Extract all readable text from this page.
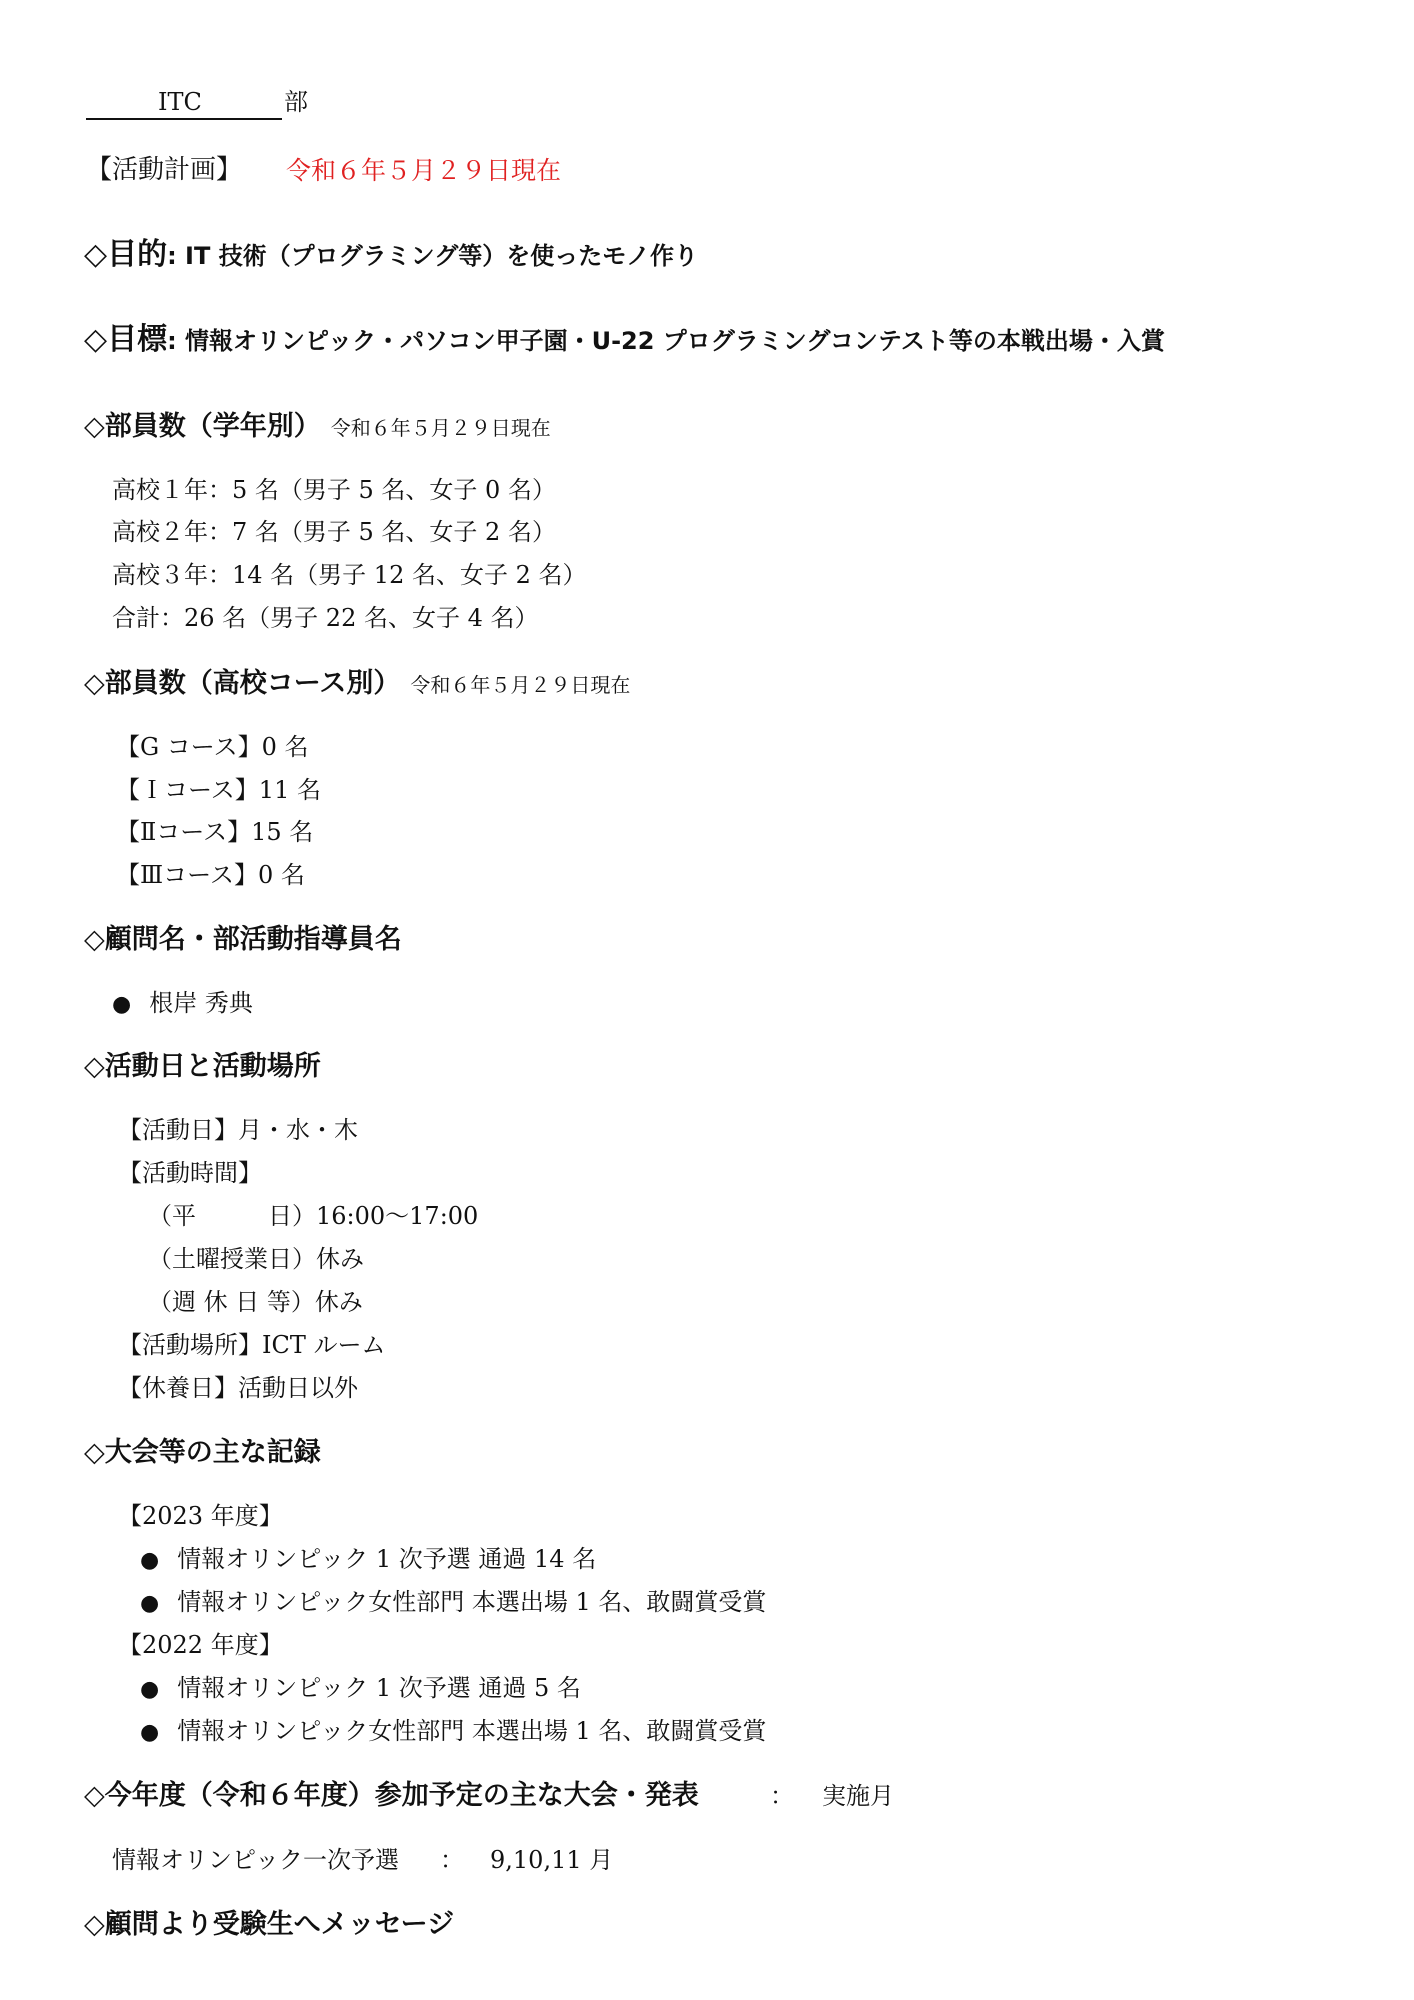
ITC	部
【活動計画】 令和６年５月２９日現在
◇目的: IT 技術（プログラミング等）を使ったモノ作り
◇目標: 情報オリンピック・パソコン甲子園・U-22 プログラミングコンテスト等の本戦出場・入賞
◇部員数（学年別） 令和６年５月２９日現在
高校１年：5 名（男子 5 名、女子 0 名）
高校２年：7 名（男子 5 名、女子 2 名）
高校３年：14 名（男子 12 名、女子 2 名）
合計：26 名（男子 22 名、女子 4 名）
◇部員数（高校コース別） 令和６年５月２９日現在
【G コース】0 名
【Ｉコース】11 名
【Ⅱコース】15 名
【Ⅲコース】0 名
◇顧問名・部活動指導員名
● 根岸 秀典
◇活動日と活動場所
【活動日】月・水・木
【活動時間】
（平　　　日）16:00～17:00
（土曜授業日）休み
（週 休 日 等）休み
【活動場所】ICT ルーム
【休養日】活動日以外
◇大会等の主な記録
【2023 年度】
● 情報オリンピック 1 次予選 通過 14 名
● 情報オリンピック女性部門 本選出場 1 名、敢闘賞受賞
【2022 年度】
● 情報オリンピック 1 次予選 通過 5 名
● 情報オリンピック女性部門 本選出場 1 名、敢闘賞受賞
◇今年度（令和６年度）参加予定の主な大会・発表	： 実施月
情報オリンピック一次予選 ： 9,10,11 月
◇顧問より受験生へメッセージ
